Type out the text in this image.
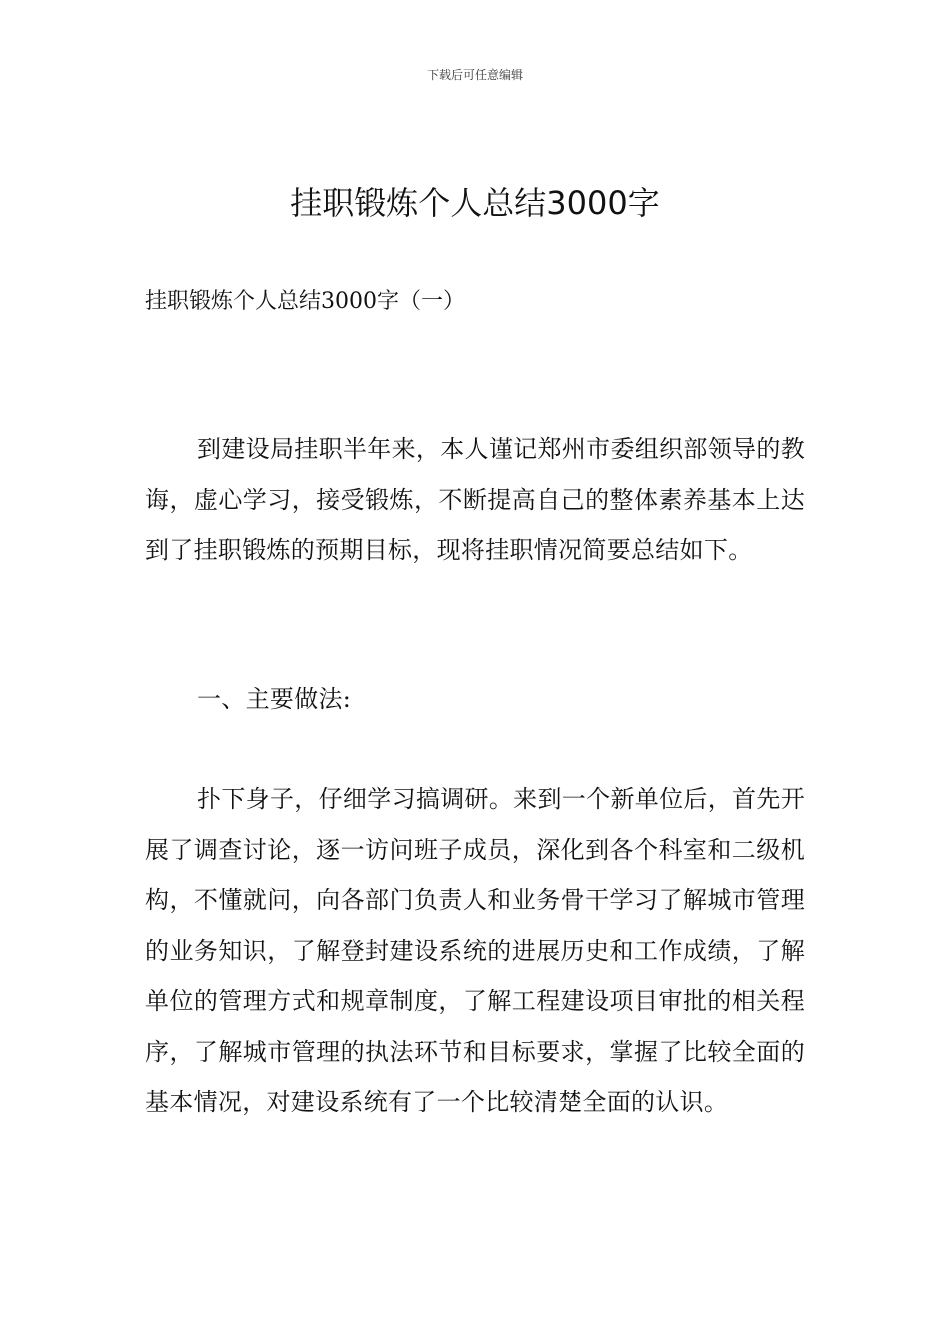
下载后可任意编辑
挂职锻炼个人总结3000字
挂职锻炼个人总结3000字（一）

到建设局挂职半年来，本人谨记郑州市委组织部领导的教诲，虚心学习，接受锻炼，不断提高自己的整体素养基本上达到了挂职锻炼的预期目标，现将挂职情况简要总结如下。

一、主要做法:

扑下身子，仔细学习搞调研。来到一个新单位后，首先开展了调查讨论，逐一访问班子成员，深化到各个科室和二级机构，不懂就问，向各部门负责人和业务骨干学习了解城市管理的业务知识，了解登封建设系统的进展历史和工作成绩，了解单位的管理方式和规章制度，了解工程建设项目审批的相关程序，了解城市管理的执法环节和目标要求，掌握了比较全面的基本情况，对建设系统有了一个比较清楚全面的认识。
